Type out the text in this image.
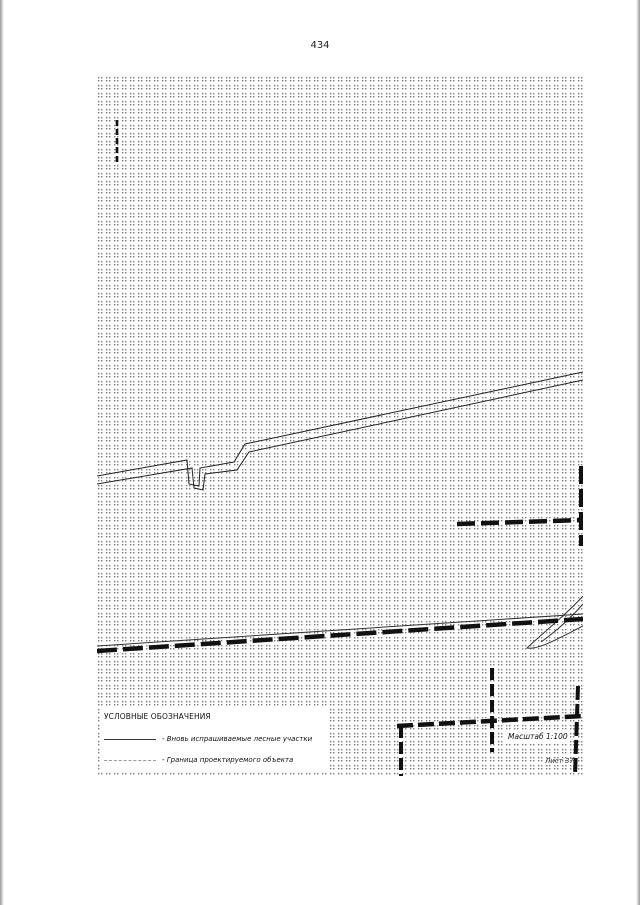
434
УСЛОВНЫЕ ОБОЗНАЧЕНИЯ
- Вновь испрашиваемые лесные участки
- Граница проектируемого объекта
Масштаб 1:100
Лист 37
